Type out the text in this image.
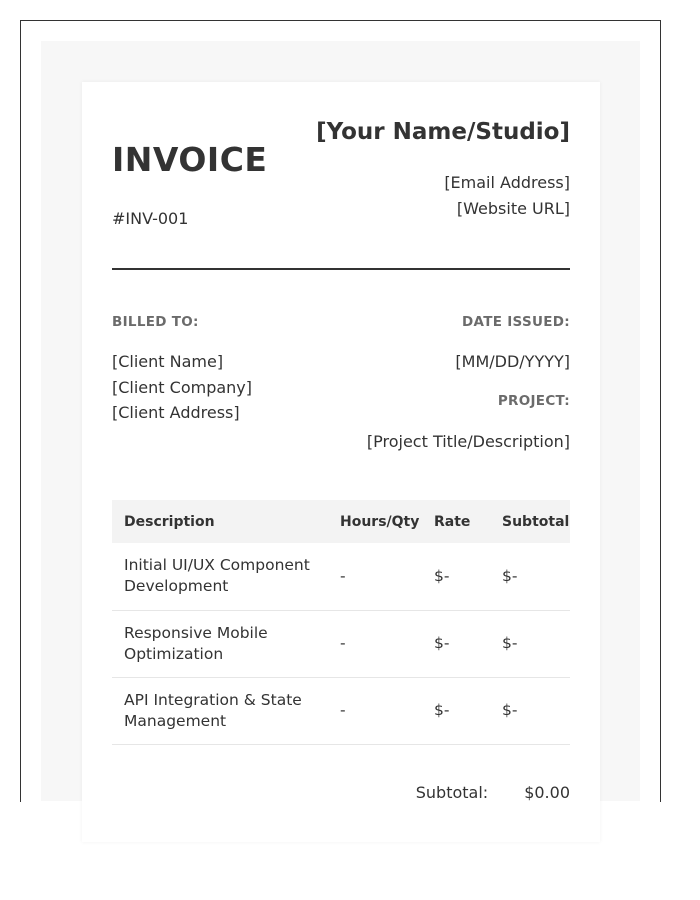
INVOICE
#INV-001
[Your Name/Studio]
[Email Address]
[Website URL]
BILLED TO:
[Client Name]
[Client Company]
[Client Address]
DATE ISSUED:
[MM/DD/YYYY]
PROJECT:
[Project Title/Description]
Description	Hours/Qty	Rate	Subtotal
Initial UI/UX Component Development	-	$-	$-
Responsive Mobile Optimization	-	$-	$-
API Integration & State Management	-	$-	$-
Subtotal: $0.00
